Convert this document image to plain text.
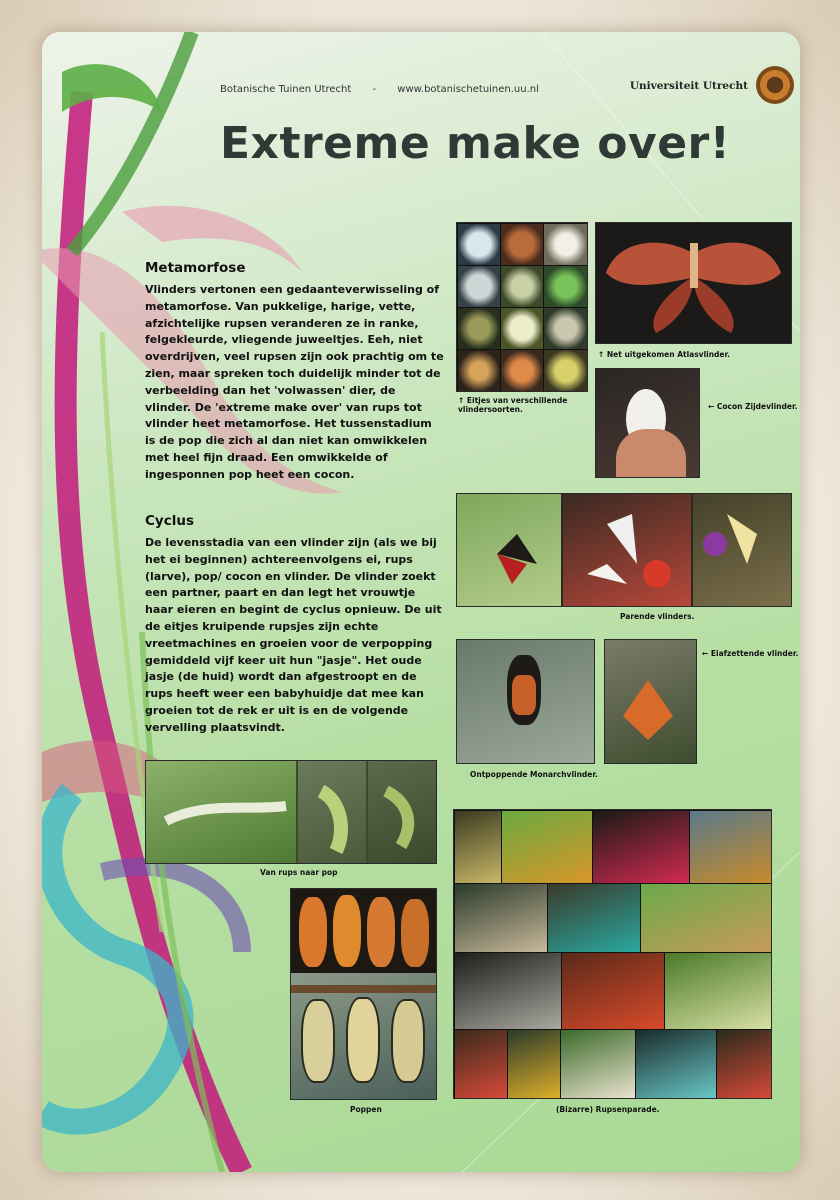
Botanische Tuinen Utrecht - www.botanischetuinen.uu.nl	Universiteit Utrecht
Extreme make over!
Metamorfose
Vlinders vertonen een gedaanteverwisseling of metamorfose. Van pukkelige, harige, vette, afzichtelijke rupsen veranderen ze in ranke, felgekleurde, vliegende juweeltjes. Eeh, niet overdrijven, veel rupsen zijn ook prachtig om te zien, maar spreken toch duidelijk minder tot de verbeelding dan het 'volwassen' dier, de vlinder. De 'extreme make over' van rups tot vlinder heet metamorfose. Het tussenstadium is de pop die zich al dan niet kan omwikkelen met heel fijn draad. Een omwikkelde of ingesponnen pop heet een cocon.
Cyclus
De levensstadia van een vlinder zijn (als we bij het ei beginnen) achtereenvolgens ei, rups (larve), pop/ cocon en vlinder. De vlinder zoekt een partner, paart en dan legt het vrouwtje haar eieren en begint de cyclus opnieuw. De uit de eitjes kruipende rupsjes zijn echte vreetmachines en groeien voor de verpopping gemiddeld vijf keer uit hun "jasje". Het oude jasje (de huid) wordt dan afgestroopt en de rups heeft weer een babyhuidje dat mee kan groeien tot de rek er uit is en de volgende vervelling plaatsvindt.
↑ Eitjes van verschillende vlindersoorten.
↑ Net uitgekomen Atlasvlinder.
← Cocon Zijdevlinder.
Parende vlinders.
Ontpoppende Monarchvlinder.
← Eiafzettende vlinder.
Van rups naar pop
Poppen	(Bizarre) Rupsenparade.
